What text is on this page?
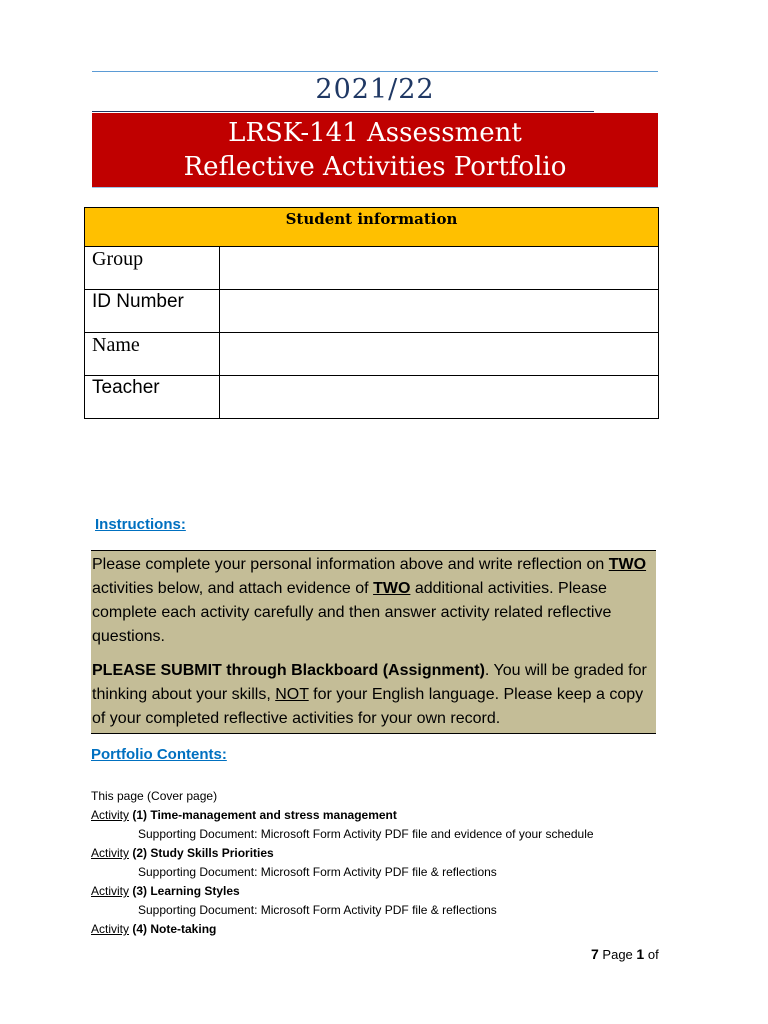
2021/22
LRSK-141 Assessment
Reflective Activities Portfolio
Student information	
Group	
ID Number	
Name	
Teacher	
Instructions:

Please complete your personal information above and write reflection on TWO activities below, and attach evidence of TWO additional activities. Please complete each activity carefully and then answer activity related reflective questions.

PLEASE SUBMIT through Blackboard (Assignment). You will be graded for thinking about your skills, NOT for your English language. Please keep a copy of your completed reflective activities for your own record.

Portfolio Contents:
This page (Cover page)
Activity (1) Time-management and stress management
Supporting Document: Microsoft Form Activity PDF file and evidence of your schedule
Activity (2) Study Skills Priorities
Supporting Document: Microsoft Form Activity PDF file & reflections
Activity (3) Learning Styles
Supporting Document: Microsoft Form Activity PDF file & reflections
Activity (4) Note-taking
7 Page 1 of
